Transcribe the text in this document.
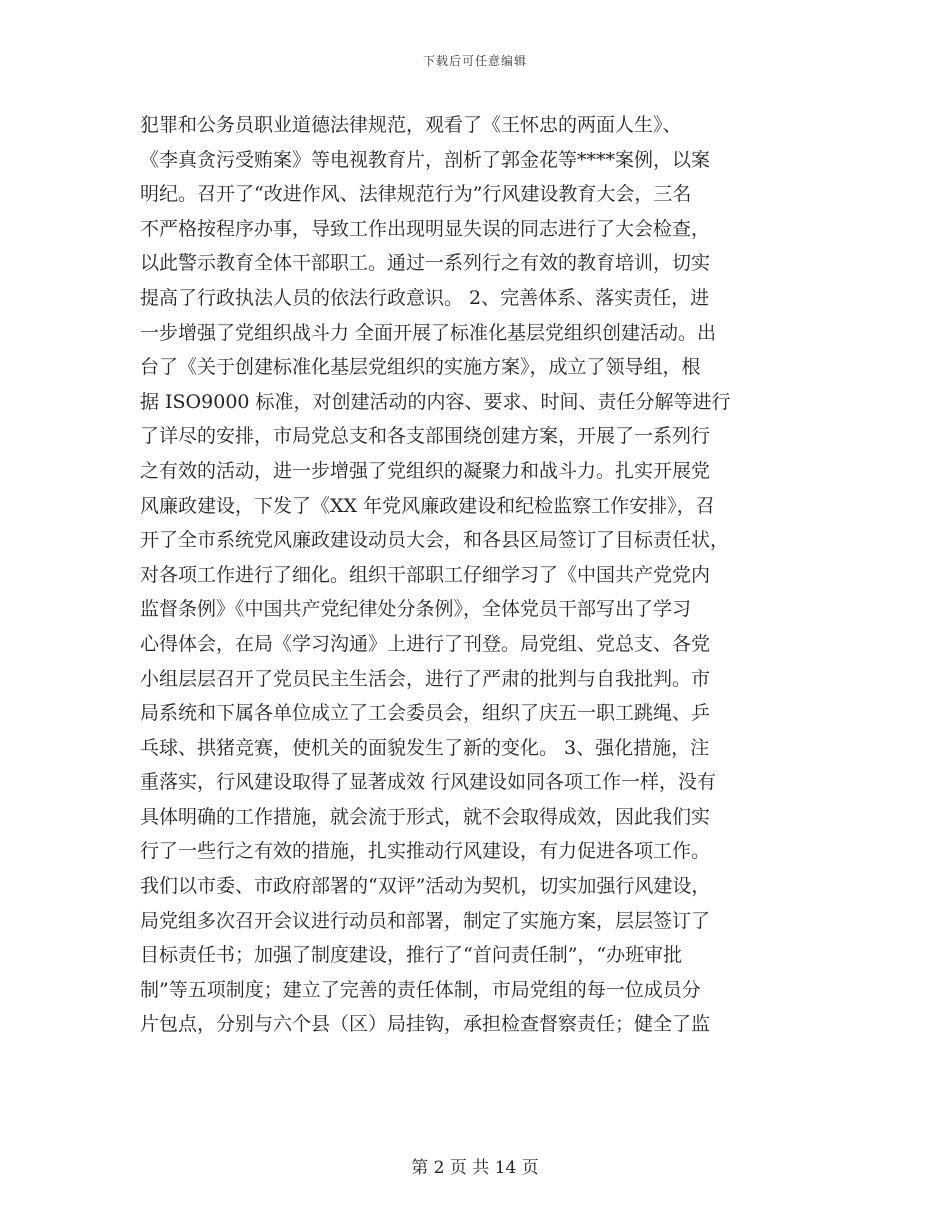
下载后可任意编辑
犯罪和公务员职业道德法律规范，观看了《王怀忠的两面人生》、
《李真贪污受贿案》等电视教育片，剖析了郭金花等****案例，以案
明纪。召开了“改进作风、法律规范行为”行风建设教育大会，三名
不严格按程序办事，导致工作出现明显失误的同志进行了大会检查，
以此警示教育全体干部职工。通过一系列行之有效的教育培训，切实
提高了行政执法人员的依法行政意识。 2、完善体系、落实责任，进
一步增强了党组织战斗力 全面开展了标准化基层党组织创建活动。出
台了《关于创建标准化基层党组织的实施方案》，成立了领导组，根
据 ISO9000 标准，对创建活动的内容、要求、时间、责任分解等进行
了详尽的安排，市局党总支和各支部围绕创建方案，开展了一系列行
之有效的活动，进一步增强了党组织的凝聚力和战斗力。扎实开展党
风廉政建设，下发了《XX 年党风廉政建设和纪检监察工作安排》，召
开了全市系统党风廉政建设动员大会，和各县区局签订了目标责任状，
对各项工作进行了细化。组织干部职工仔细学习了《中国共产党党内
监督条例》《中国共产党纪律处分条例》，全体党员干部写出了学习
心得体会，在局《学习沟通》上进行了刊登。局党组、党总支、各党
小组层层召开了党员民主生活会，进行了严肃的批判与自我批判。市
局系统和下属各单位成立了工会委员会，组织了庆五一职工跳绳、乒
乓球、拱猪竞赛，使机关的面貌发生了新的变化。 3、强化措施，注
重落实，行风建设取得了显著成效 行风建设如同各项工作一样，没有
具体明确的工作措施，就会流于形式，就不会取得成效，因此我们实
行了一些行之有效的措施，扎实推动行风建设，有力促进各项工作。
我们以市委、市政府部署的“双评”活动为契机，切实加强行风建设，
局党组多次召开会议进行动员和部署，制定了实施方案，层层签订了
目标责任书；加强了制度建设，推行了“首问责任制”，“办班审批
制”等五项制度；建立了完善的责任体制，市局党组的每一位成员分
片包点，分别与六个县（区）局挂钩，承担检查督察责任；健全了监
第 2 页 共 14 页
